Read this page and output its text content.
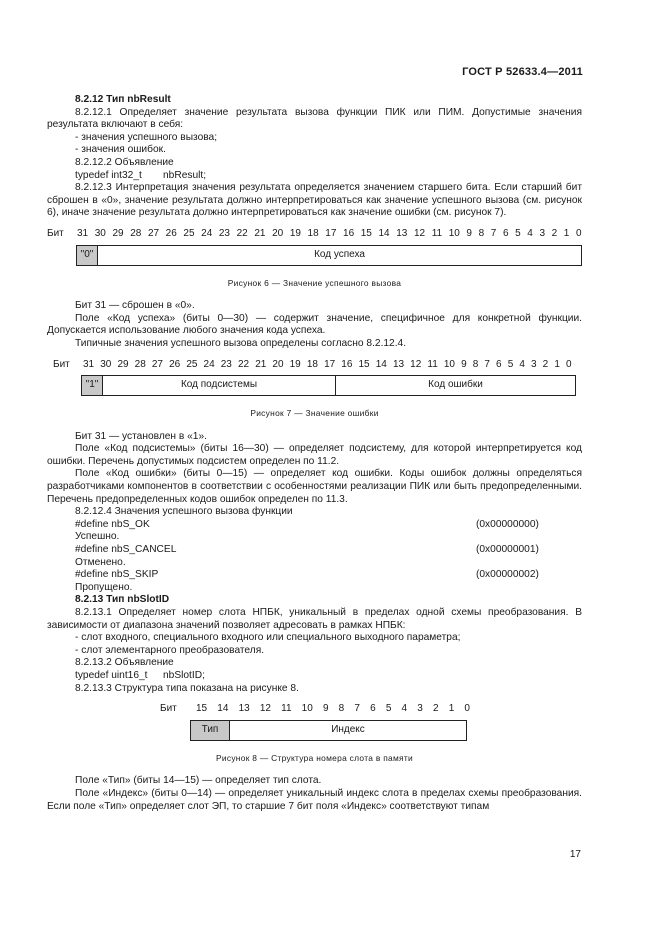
ГОСТ Р 52633.4—2011

8.2.12 Тип nbResult

8.2.12.1 Определяет значение результата вызова функции ПИК или ПИМ. Допустимые значения результата включают в себя:

- значения успешного вызова;

- значения ошибок.

8.2.12.2 Объявление

typedef int32_t nbResult;

8.2.12.3 Интерпретация значения результата определяется значением старшего бита. Если старший бит сброшен в «0», значение результата должно интерпретироваться как значение успешного вызова (см. рисунок 6), иначе значение результата должно интерпретироваться как значение ошибки (см. рисунок 7).

Бит	31 30 29 28 27 26 25 24 23 22 21 20 19 18 17 16 15 14 13 12 11 10 9 8 7 6 5 4 3 2 1 0
"0"	Код успеха
Рисунок 6 — Значение успешного вызова

Бит 31 — сброшен в «0».

Поле «Код успеха» (биты 0—30) — содержит значение, специфичное для конкретной функции. Допускается использование любого значения кода успеха.

Типичные значения успешного вызова определены согласно 8.2.12.4.

Бит	31 30 29 28 27 26 25 24 23 22 21 20 19 18 17 16 15 14 13 12 11 10 9 8 7 6 5 4 3 2 1 0
"1"	Код подсистемы	Код ошибки
Рисунок 7 — Значение ошибки

Бит 31 — установлен в «1».

Поле «Код подсистемы» (биты 16—30) — определяет подсистему, для которой интерпретируется код ошибки. Перечень допустимых подсистем определен по 11.2.

Поле «Код ошибки» (биты 0—15) — определяет код ошибки. Коды ошибок должны определяться разработчиками компонентов в соответствии с особенностями реализации ПИК или быть предопределенными. Перечень предопределенных кодов ошибок определен по 11.3.

8.2.12.4 Значения успешного вызова функции

#define nbS_OK	(0x00000000)

Успешно.

#define nbS_CANCEL	(0x00000001)

Отменено.

#define nbS_SKIP	(0x00000002)

Пропущено.

8.2.13 Тип nbSlotID

8.2.13.1 Определяет номер слота НПБК, уникальный в пределах одной схемы преобразования. В зависимости от диапазона значений позволяет адресовать в рамках НПБК:

- слот входного, специального входного или специального выходного параметра;

- слот элементарного преобразователя.

8.2.13.2 Объявление

typedef uint16_t nbSlotID;

8.2.13.3 Структура типа показана на рисунке 8.

Бит	15 14 13 12 11 10 9 8 7 6 5 4 3 2 1 0
Тип	Индекс
Рисунок 8 — Структура номера слота в памяти

Поле «Тип» (биты 14—15) — определяет тип слота.

Поле «Индекс» (биты 0—14) — определяет уникальный индекс слота в пределах схемы преобразования. Если поле «Тип» определяет слот ЭП, то старшие 7 бит поля «Индекс» соответствуют типам

17
